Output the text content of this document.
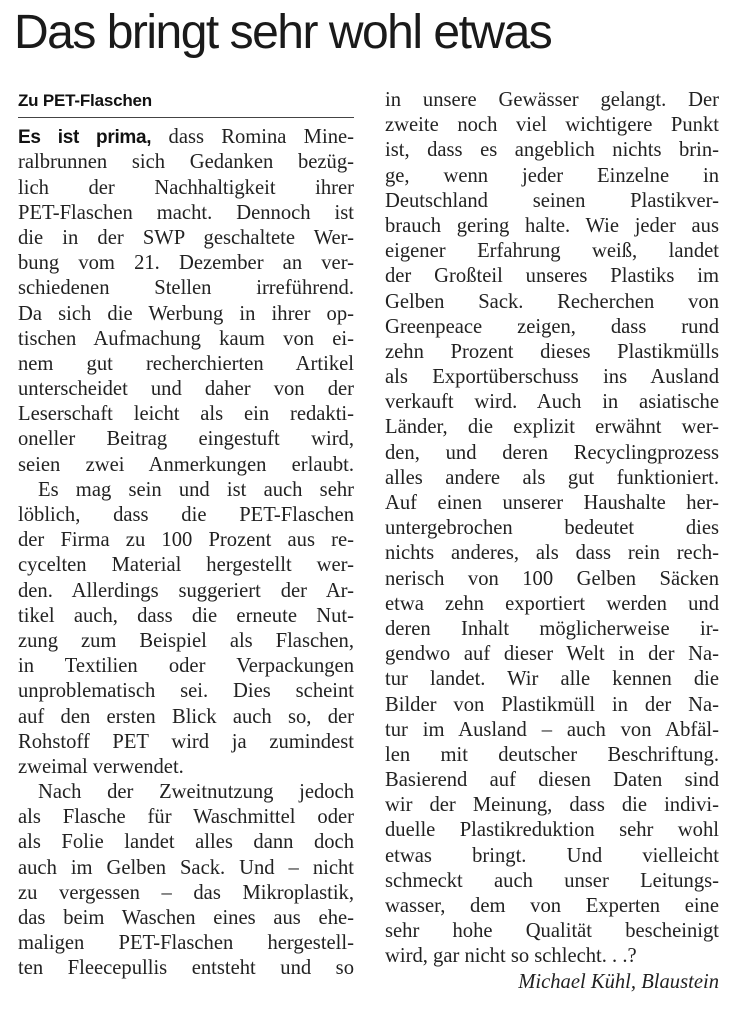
Das bringt sehr wohl etwas
Zu PET-Flaschen
Es ist prima, dass Romina Mine-
ralbrunnen sich Gedanken bezüg-
lich der Nachhaltigkeit ihrer
PET-Flaschen macht. Dennoch ist
die in der SWP geschaltete Wer-
bung vom 21. Dezember an ver-
schiedenen Stellen irreführend.
Da sich die Werbung in ihrer op-
tischen Aufmachung kaum von ei-
nem gut recherchierten Artikel
unterscheidet und daher von der
Leserschaft leicht als ein redakti-
oneller Beitrag eingestuft wird,
seien zwei Anmerkungen erlaubt.
Es mag sein und ist auch sehr
löblich, dass die PET-Flaschen
der Firma zu 100 Prozent aus re-
cycelten Material hergestellt wer-
den. Allerdings suggeriert der Ar-
tikel auch, dass die erneute Nut-
zung zum Beispiel als Flaschen,
in Textilien oder Verpackungen
unproblematisch sei. Dies scheint
auf den ersten Blick auch so, der
Rohstoff PET wird ja zumindest
zweimal verwendet.
Nach der Zweitnutzung jedoch
als Flasche für Waschmittel oder
als Folie landet alles dann doch
auch im Gelben Sack. Und – nicht
zu vergessen – das Mikroplastik,
das beim Waschen eines aus ehe-
maligen PET-Flaschen hergestell-
ten Fleecepullis entsteht und so
in unsere Gewässer gelangt. Der
zweite noch viel wichtigere Punkt
ist, dass es angeblich nichts brin-
ge, wenn jeder Einzelne in
Deutschland seinen Plastikver-
brauch gering halte. Wie jeder aus
eigener Erfahrung weiß, landet
der Großteil unseres Plastiks im
Gelben Sack. Recherchen von
Greenpeace zeigen, dass rund
zehn Prozent dieses Plastikmülls
als Exportüberschuss ins Ausland
verkauft wird. Auch in asiatische
Länder, die explizit erwähnt wer-
den, und deren Recyclingprozess
alles andere als gut funktioniert.
Auf einen unserer Haushalte her-
untergebrochen bedeutet dies
nichts anderes, als dass rein rech-
nerisch von 100 Gelben Säcken
etwa zehn exportiert werden und
deren Inhalt möglicherweise ir-
gendwo auf dieser Welt in der Na-
tur landet. Wir alle kennen die
Bilder von Plastikmüll in der Na-
tur im Ausland – auch von Abfäl-
len mit deutscher Beschriftung.
Basierend auf diesen Daten sind
wir der Meinung, dass die indivi-
duelle Plastikreduktion sehr wohl
etwas bringt. Und vielleicht
schmeckt auch unser Leitungs-
wasser, dem von Experten eine
sehr hohe Qualität bescheinigt
wird, gar nicht so schlecht. . .?
Michael Kühl, Blaustein
